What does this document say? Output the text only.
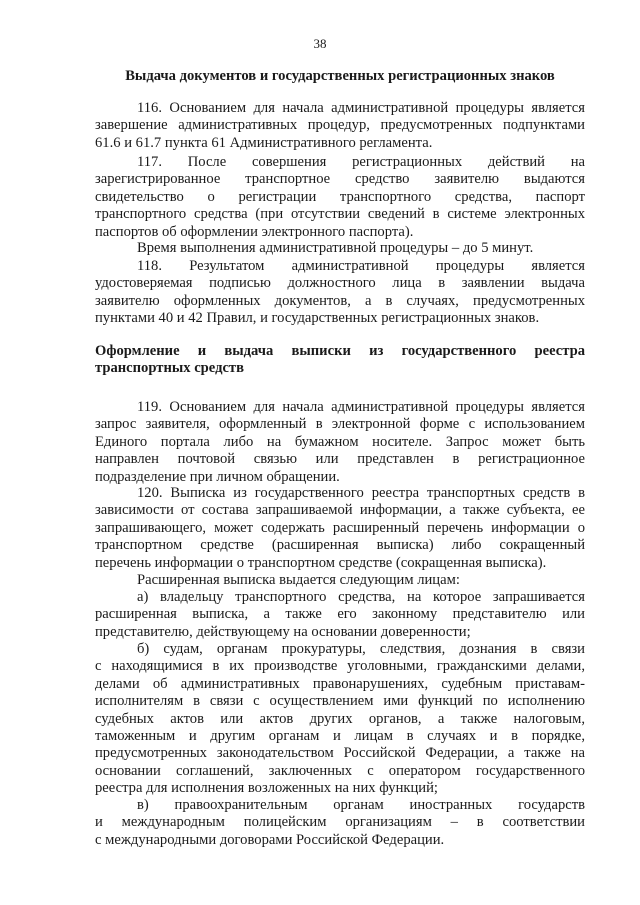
38
Выдача документов и государственных регистрационных знаков
116. Основанием для начала административной процедуры является
завершение административных процедур, предусмотренных подпунктами
61.6 и 61.7 пункта 61 Административного регламента.
117. После совершения регистрационных действий на
зарегистрированное транспортное средство заявителю выдаются
свидетельство о регистрации транспортного средства, паспорт
транспортного средства (при отсутствии сведений в системе электронных
паспортов об оформлении электронного паспорта).
Время выполнения административной процедуры – до 5 минут.
118. Результатом административной процедуры является
удостоверяемая подписью должностного лица в заявлении выдача
заявителю оформленных документов, а в случаях, предусмотренных
пунктами 40 и 42 Правил, и государственных регистрационных знаков.
Оформление и выдача выписки из государственного реестра транспортных средств
119. Основанием для начала административной процедуры является
запрос заявителя, оформленный в электронной форме с использованием
Единого портала либо на бумажном носителе. Запрос может быть
направлен почтовой связью или представлен в регистрационное
подразделение при личном обращении.
120. Выписка из государственного реестра транспортных средств в
зависимости от состава запрашиваемой информации, а также субъекта, ее
запрашивающего, может содержать расширенный перечень информации о
транспортном средстве (расширенная выписка) либо сокращенный
перечень информации о транспортном средстве (сокращенная выписка).
Расширенная выписка выдается следующим лицам:
а) владельцу транспортного средства, на которое запрашивается
расширенная выписка, а также его законному представителю или
представителю, действующему на основании доверенности;
б) судам, органам прокуратуры, следствия, дознания в связи
с находящимися в их производстве уголовными, гражданскими делами,
делами об административных правонарушениях, судебным приставам-
исполнителям в связи с осуществлением ими функций по исполнению
судебных актов или актов других органов, а также налоговым,
таможенным и другим органам и лицам в случаях и в порядке,
предусмотренных законодательством Российской Федерации, а также на
основании соглашений, заключенных с оператором государственного
реестра для исполнения возложенных на них функций;
в) правоохранительным органам иностранных государств
и международным полицейским организациям – в соответствии
с международными договорами Российской Федерации.
